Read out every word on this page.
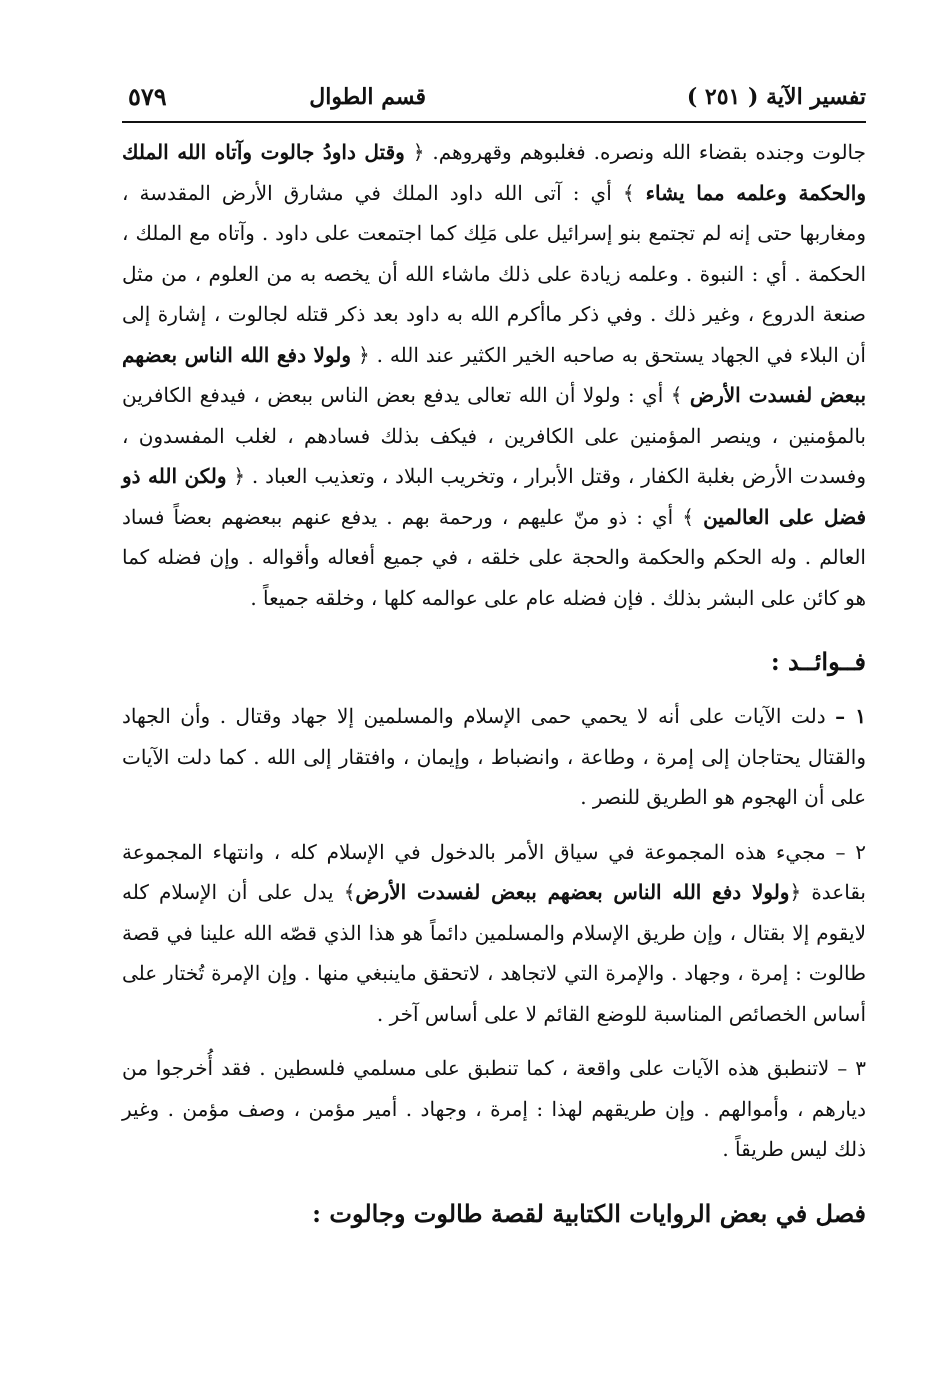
تفسير الآية ( ٢٥١ )
قسم الطوال
٥٧٩

جالوت وجنده بقضاء الله ونصره. فغلبوهم وقهروهم. ﴿ وقتل داودُ جالوت وآتاه الله الملك والحكمة وعلمه مما يشاء ﴾ أي : آتى الله داود الملك في مشارق الأرض المقدسة ، ومغاربها حتى إنه لم تجتمع بنو إسرائيل على مَلِك كما اجتمعت على داود . وآتاه مع الملك ، الحكمة . أي : النبوة . وعلمه زيادة على ذلك ماشاء الله أن يخصه به من العلوم ، من مثل صنعة الدروع ، وغير ذلك . وفي ذكر ماأكرم الله به داود بعد ذكر قتله لجالوت ، إشارة إلى أن البلاء في الجهاد يستحق به صاحبه الخير الكثير عند الله . ﴿ ولولا دفع الله الناس بعضهم ببعض لفسدت الأرض ﴾ أي : ولولا أن الله تعالى يدفع بعض الناس ببعض ، فيدفع الكافرين بالمؤمنين ، وينصر المؤمنين على الكافرين ، فيكف بذلك فسادهم ، لغلب المفسدون ، وفسدت الأرض بغلبة الكفار ، وقتل الأبرار ، وتخريب البلاد ، وتعذيب العباد . ﴿ ولكن الله ذو فضل على العالمين ﴾ أي : ذو منّ عليهم ، ورحمة بهم . يدفع عنهم ببعضهم بعضاً فساد العالم . وله الحكم والحكمة والحجة على خلقه ، في جميع أفعاله وأقواله . وإن فضله كما هو كائن على البشر بذلك . فإن فضله عام على عوالمه كلها ، وخلقه جميعاً .

فــوائــد :

١ – دلت الآيات على أنه لا يحمي حمى الإسلام والمسلمين إلا جهاد وقتال . وأن الجهاد والقتال يحتاجان إلى إمرة ، وطاعة ، وانضباط ، وإيمان ، وافتقار إلى الله . كما دلت الآيات على أن الهجوم هو الطريق للنصر .

٢ – مجيء هذه المجموعة في سياق الأمر بالدخول في الإسلام كله ، وانتهاء المجموعة بقاعدة ﴿ولولا دفع الله الناس بعضهم ببعض لفسدت الأرض﴾ يدل على أن الإسلام كله لايقوم إلا بقتال ، وإن طريق الإسلام والمسلمين دائماً هو هذا الذي قصّه الله علينا في قصة طالوت : إمرة ، وجهاد . والإمرة التي لاتجاهد ، لاتحقق ماينبغي منها . وإن الإمرة تُختار على أساس الخصائص المناسبة للوضع القائم لا على أساس آخر .

٣ – لاتنطبق هذه الآيات على واقعة ، كما تنطبق على مسلمي فلسطين . فقد أُخرجوا من ديارهم ، وأموالهم . وإن طريقهم لهذا : إمرة ، وجهاد . أمير مؤمن ، وصف مؤمن . وغير ذلك ليس طريقاً .

فصل في بعض الروايات الكتابية لقصة طالوت وجالوت :
